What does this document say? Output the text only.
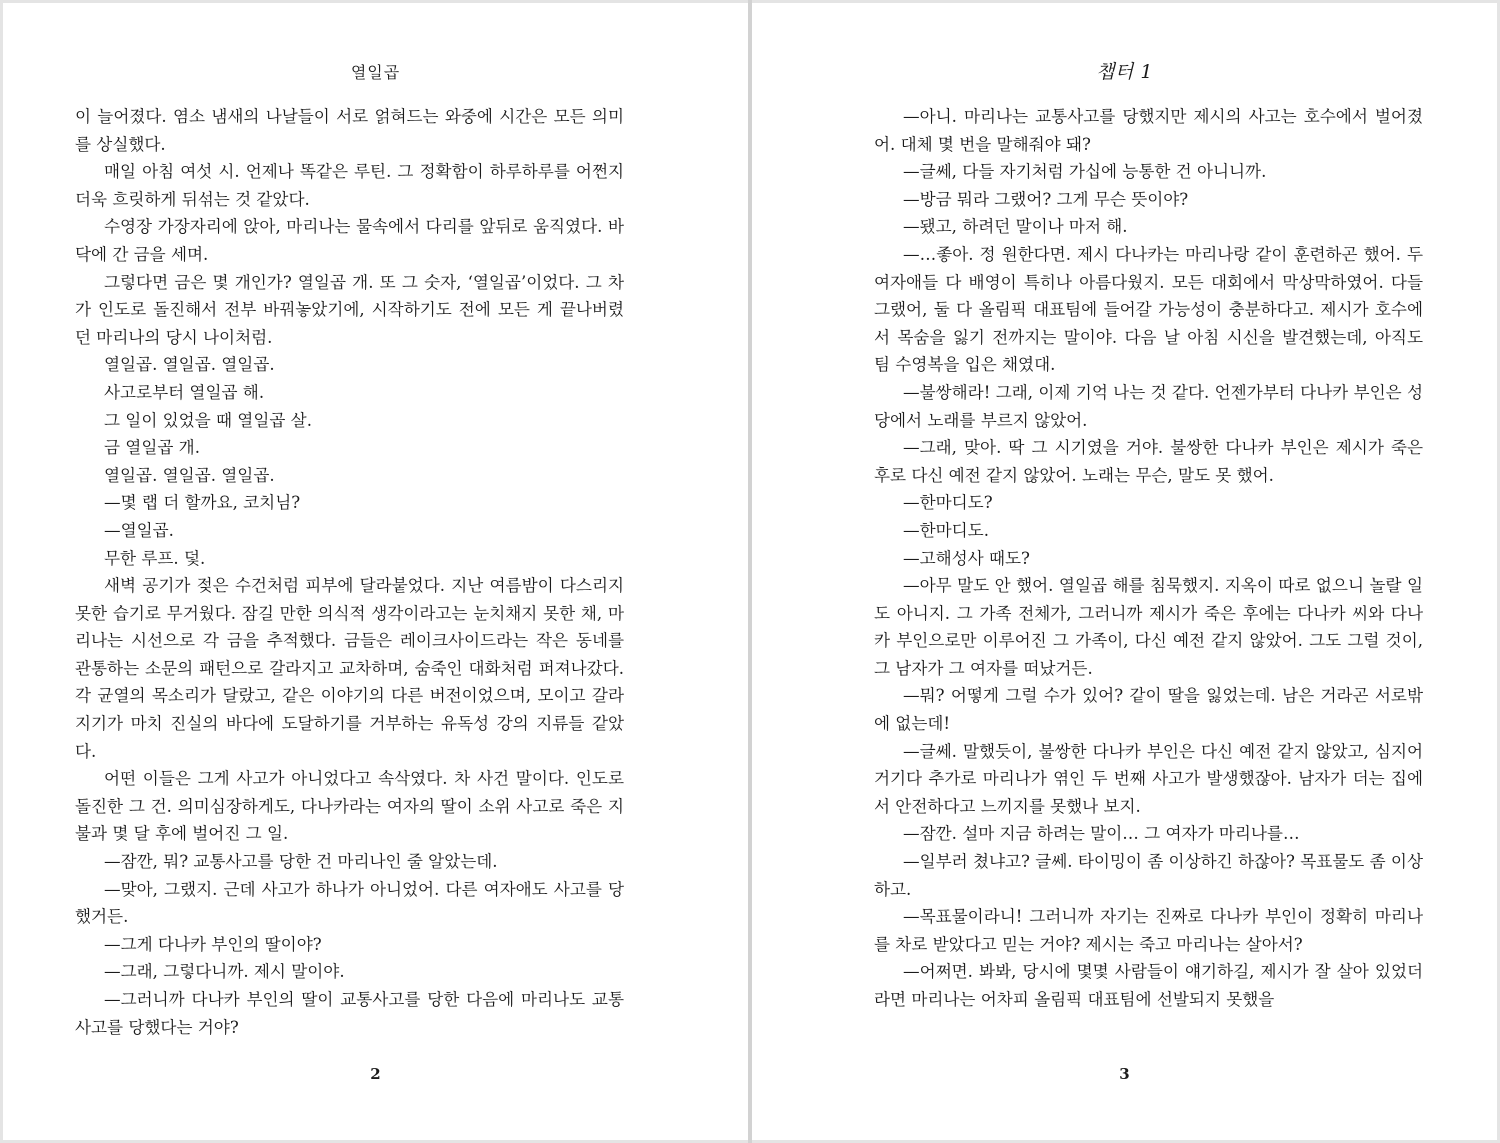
열일곱

이 늘어졌다. 염소 냄새의 나날들이 서로 얽혀드는 와중에 시간은 모든 의미를 상실했다.

매일 아침 여섯 시. 언제나 똑같은 루틴. 그 정확함이 하루하루를 어쩐지 더욱 흐릿하게 뒤섞는 것 같았다.

수영장 가장자리에 앉아, 마리나는 물속에서 다리를 앞뒤로 움직였다. 바닥에 간 금을 세며.

그렇다면 금은 몇 개인가? 열일곱 개. 또 그 숫자, ‘열일곱’이었다. 그 차가 인도로 돌진해서 전부 바꿔놓았기에, 시작하기도 전에 모든 게 끝나버렸던 마리나의 당시 나이처럼.

열일곱. 열일곱. 열일곱.

사고로부터 열일곱 해.

그 일이 있었을 때 열일곱 살.

금 열일곱 개.

열일곱. 열일곱. 열일곱.

—몇 랩 더 할까요, 코치님?

—열일곱.

무한 루프. 덫.

새벽 공기가 젖은 수건처럼 피부에 달라붙었다. 지난 여름밤이 다스리지 못한 습기로 무거웠다. 잠길 만한 의식적 생각이라고는 눈치채지 못한 채, 마리나는 시선으로 각 금을 추적했다. 금들은 레이크사이드라는 작은 동네를 관통하는 소문의 패턴으로 갈라지고 교차하며, 숨죽인 대화처럼 퍼져나갔다. 각 균열의 목소리가 달랐고, 같은 이야기의 다른 버전이었으며, 모이고 갈라지기가 마치 진실의 바다에 도달하기를 거부하는 유독성 강의 지류들 같았다.

어떤 이들은 그게 사고가 아니었다고 속삭였다. 차 사건 말이다. 인도로 돌진한 그 건. 의미심장하게도, 다나카라는 여자의 딸이 소위 사고로 죽은 지 불과 몇 달 후에 벌어진 그 일.

—잠깐, 뭐? 교통사고를 당한 건 마리나인 줄 알았는데.

—맞아, 그랬지. 근데 사고가 하나가 아니었어. 다른 여자애도 사고를 당했거든.

—그게 다나카 부인의 딸이야?

—그래, 그렇다니까. 제시 말이야.

—그러니까 다나카 부인의 딸이 교통사고를 당한 다음에 마리나도 교통사고를 당했다는 거야?

2
챕터 1

—아니. 마리나는 교통사고를 당했지만 제시의 사고는 호수에서 벌어졌어. 대체 몇 번을 말해줘야 돼?

—글쎄, 다들 자기처럼 가십에 능통한 건 아니니까.

—방금 뭐라 그랬어? 그게 무슨 뜻이야?

—됐고, 하려던 말이나 마저 해.

—…좋아. 정 원한다면. 제시 다나카는 마리나랑 같이 훈련하곤 했어. 두 여자애들 다 배영이 특히나 아름다웠지. 모든 대회에서 막상막하였어. 다들 그랬어, 둘 다 올림픽 대표팀에 들어갈 가능성이 충분하다고. 제시가 호수에서 목숨을 잃기 전까지는 말이야. 다음 날 아침 시신을 발견했는데, 아직도 팀 수영복을 입은 채였대.

—불쌍해라! 그래, 이제 기억 나는 것 같다. 언젠가부터 다나카 부인은 성당에서 노래를 부르지 않았어.

—그래, 맞아. 딱 그 시기였을 거야. 불쌍한 다나카 부인은 제시가 죽은 후로 다신 예전 같지 않았어. 노래는 무슨, 말도 못 했어.

—한마디도?

—한마디도.

—고해성사 때도?

—아무 말도 안 했어. 열일곱 해를 침묵했지. 지옥이 따로 없으니 놀랄 일도 아니지. 그 가족 전체가, 그러니까 제시가 죽은 후에는 다나카 씨와 다나카 부인으로만 이루어진 그 가족이, 다신 예전 같지 않았어. 그도 그럴 것이, 그 남자가 그 여자를 떠났거든.

—뭐? 어떻게 그럴 수가 있어? 같이 딸을 잃었는데. 남은 거라곤 서로밖에 없는데!

—글쎄. 말했듯이, 불쌍한 다나카 부인은 다신 예전 같지 않았고, 심지어 거기다 추가로 마리나가 엮인 두 번째 사고가 발생했잖아. 남자가 더는 집에서 안전하다고 느끼지를 못했나 보지.

—잠깐. 설마 지금 하려는 말이… 그 여자가 마리나를…

—일부러 쳤냐고? 글쎄. 타이밍이 좀 이상하긴 하잖아? 목표물도 좀 이상하고.

—목표물이라니! 그러니까 자기는 진짜로 다나카 부인이 정확히 마리나를 차로 받았다고 믿는 거야? 제시는 죽고 마리나는 살아서?

—어쩌면. 봐봐, 당시에 몇몇 사람들이 얘기하길, 제시가 잘 살아 있었더라면 마리나는 어차피 올림픽 대표팀에 선발되지 못했을

3
